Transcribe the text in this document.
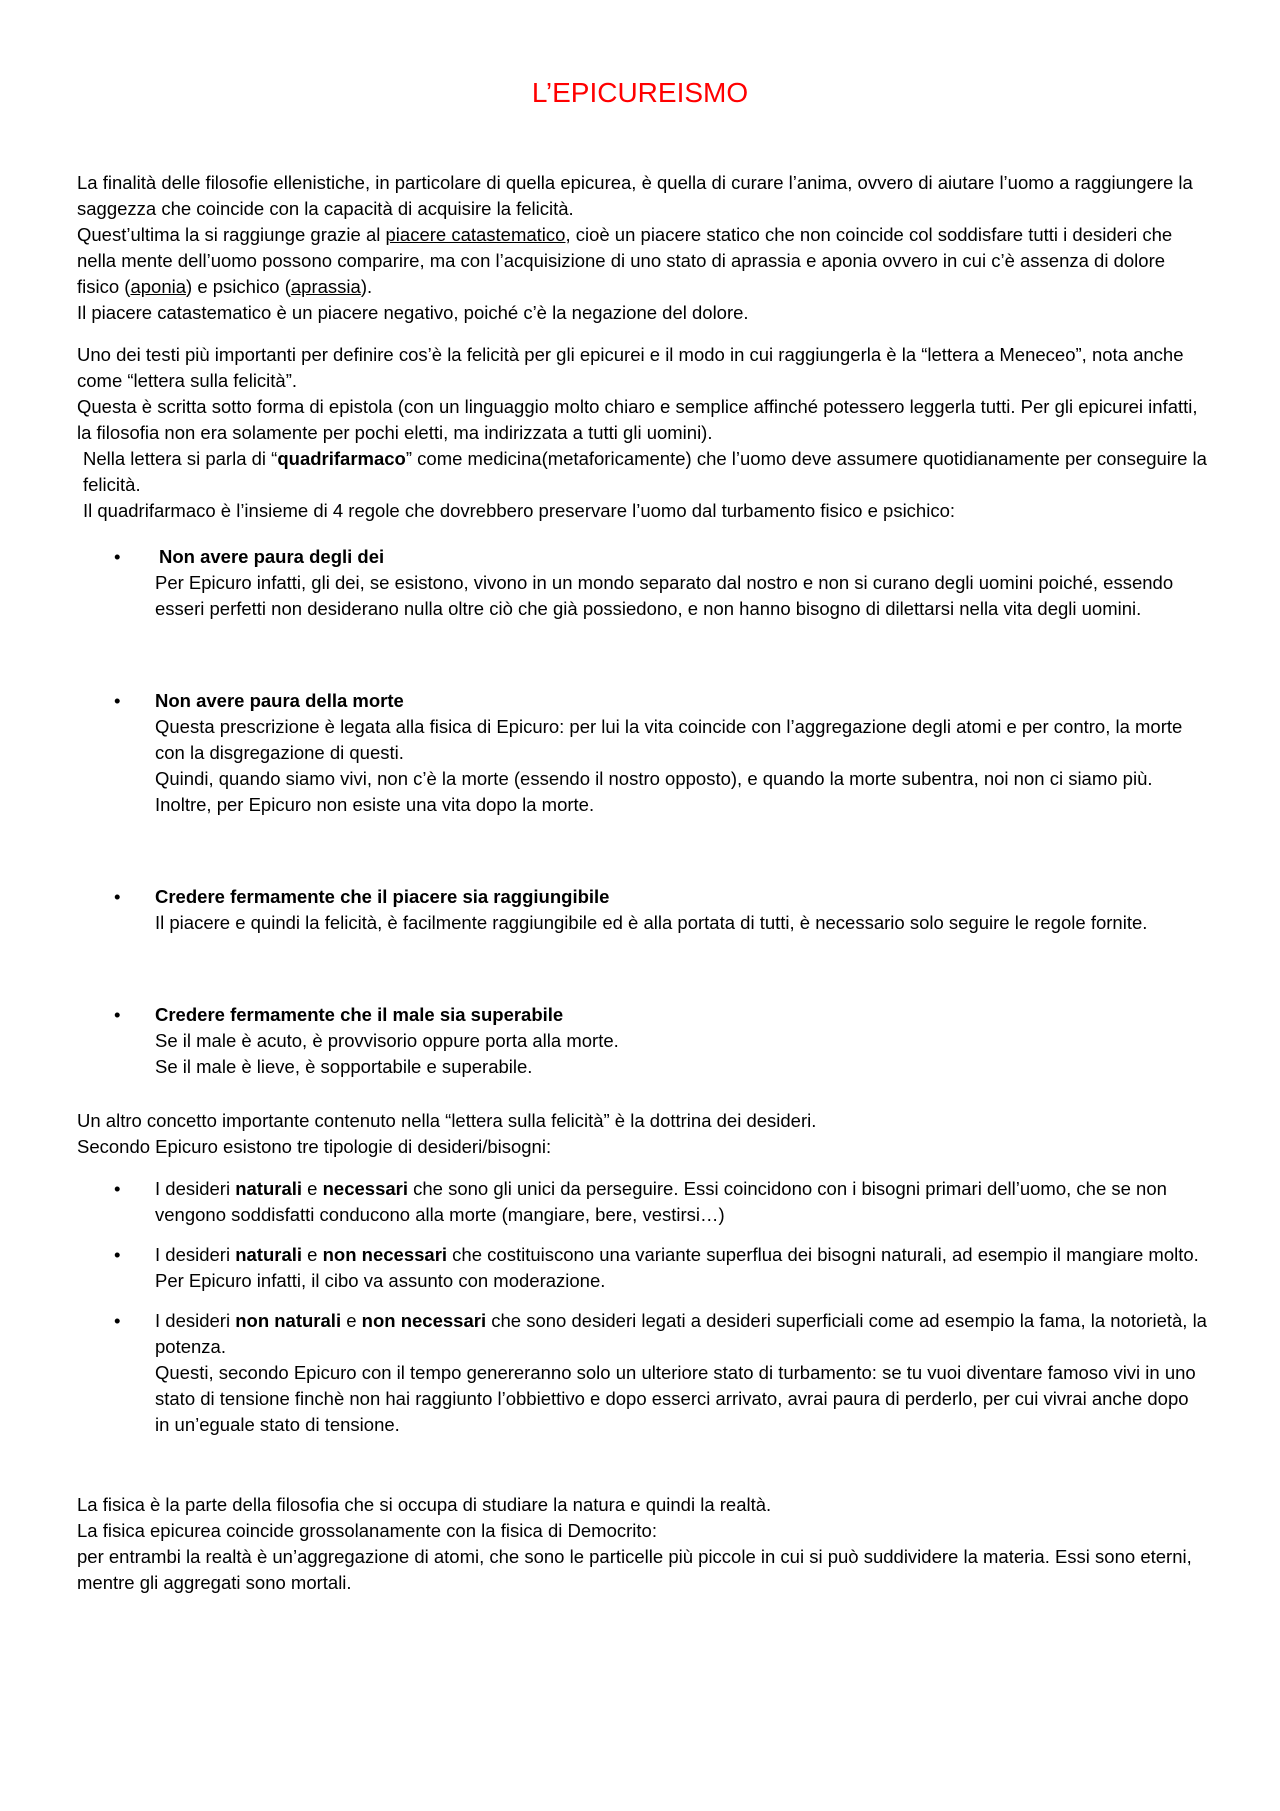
L’EPICUREISMO

La finalità delle filosofie ellenistiche, in particolare di quella epicurea, è quella di curare l’anima, ovvero di aiutare l’uomo a raggiungere la saggezza che coincide con la capacità di acquisire la felicità.

Quest’ultima la si raggiunge grazie al piacere catastematico, cioè un piacere statico che non coincide col soddisfare tutti i desideri che nella mente dell’uomo possono comparire, ma con l’acquisizione di uno stato di aprassia e aponia ovvero in cui c’è assenza di dolore fisico (aponia) e psichico (aprassia).

Il piacere catastematico è un piacere negativo, poiché c’è la negazione del dolore.

Uno dei testi più importanti per definire cos’è la felicità per gli epicurei e il modo in cui raggiungerla è la “lettera a Meneceo”, nota anche come “lettera sulla felicità”.

Questa è scritta sotto forma di epistola (con un linguaggio molto chiaro e semplice affinché potessero leggerla tutti. Per gli epicurei infatti, la filosofia non era solamente per pochi eletti, ma indirizzata a tutti gli uomini).

Nella lettera si parla di “quadrifarmaco” come medicina(metaforicamente) che l’uomo deve assumere quotidianamente per conseguire la felicità.

Il quadrifarmaco è l’insieme di 4 regole che dovrebbero preservare l’uomo dal turbamento fisico e psichico:

• Non avere paura degli dei
Per Epicuro infatti, gli dei, se esistono, vivono in un mondo separato dal nostro e non si curano degli uomini poiché, essendo esseri perfetti non desiderano nulla oltre ciò che già possiedono, e non hanno bisogno di dilettarsi nella vita degli uomini.
• Non avere paura della morte
Questa prescrizione è legata alla fisica di Epicuro: per lui la vita coincide con l’aggregazione degli atomi e per contro, la morte con la disgregazione di questi.
Quindi, quando siamo vivi, non c’è la morte (essendo il nostro opposto), e quando la morte subentra, noi non ci siamo più.
Inoltre, per Epicuro non esiste una vita dopo la morte.
• Credere fermamente che il piacere sia raggiungibile
Il piacere e quindi la felicità, è facilmente raggiungibile ed è alla portata di tutti, è necessario solo seguire le regole fornite.
• Credere fermamente che il male sia superabile
Se il male è acuto, è provvisorio oppure porta alla morte.
Se il male è lieve, è sopportabile e superabile.

Un altro concetto importante contenuto nella “lettera sulla felicità” è la dottrina dei desideri.

Secondo Epicuro esistono tre tipologie di desideri/bisogni:

• I desideri naturali e necessari che sono gli unici da perseguire. Essi coincidono con i bisogni primari dell’uomo, che se non vengono soddisfatti conducono alla morte (mangiare, bere, vestirsi…)
• I desideri naturali e non necessari che costituiscono una variante superflua dei bisogni naturali, ad esempio il mangiare molto. Per Epicuro infatti, il cibo va assunto con moderazione.
• I desideri non naturali e non necessari che sono desideri legati a desideri superficiali come ad esempio la fama, la notorietà, la potenza.
Questi, secondo Epicuro con il tempo genereranno solo un ulteriore stato di turbamento: se tu vuoi diventare famoso vivi in uno stato di tensione finchè non hai raggiunto l’obbiettivo e dopo esserci arrivato, avrai paura di perderlo, per cui vivrai anche dopo in un’eguale stato di tensione.

La fisica è la parte della filosofia che si occupa di studiare la natura e quindi la realtà.

La fisica epicurea coincide grossolanamente con la fisica di Democrito:

per entrambi la realtà è un’aggregazione di atomi, che sono le particelle più piccole in cui si può suddividere la materia. Essi sono eterni, mentre gli aggregati sono mortali.
